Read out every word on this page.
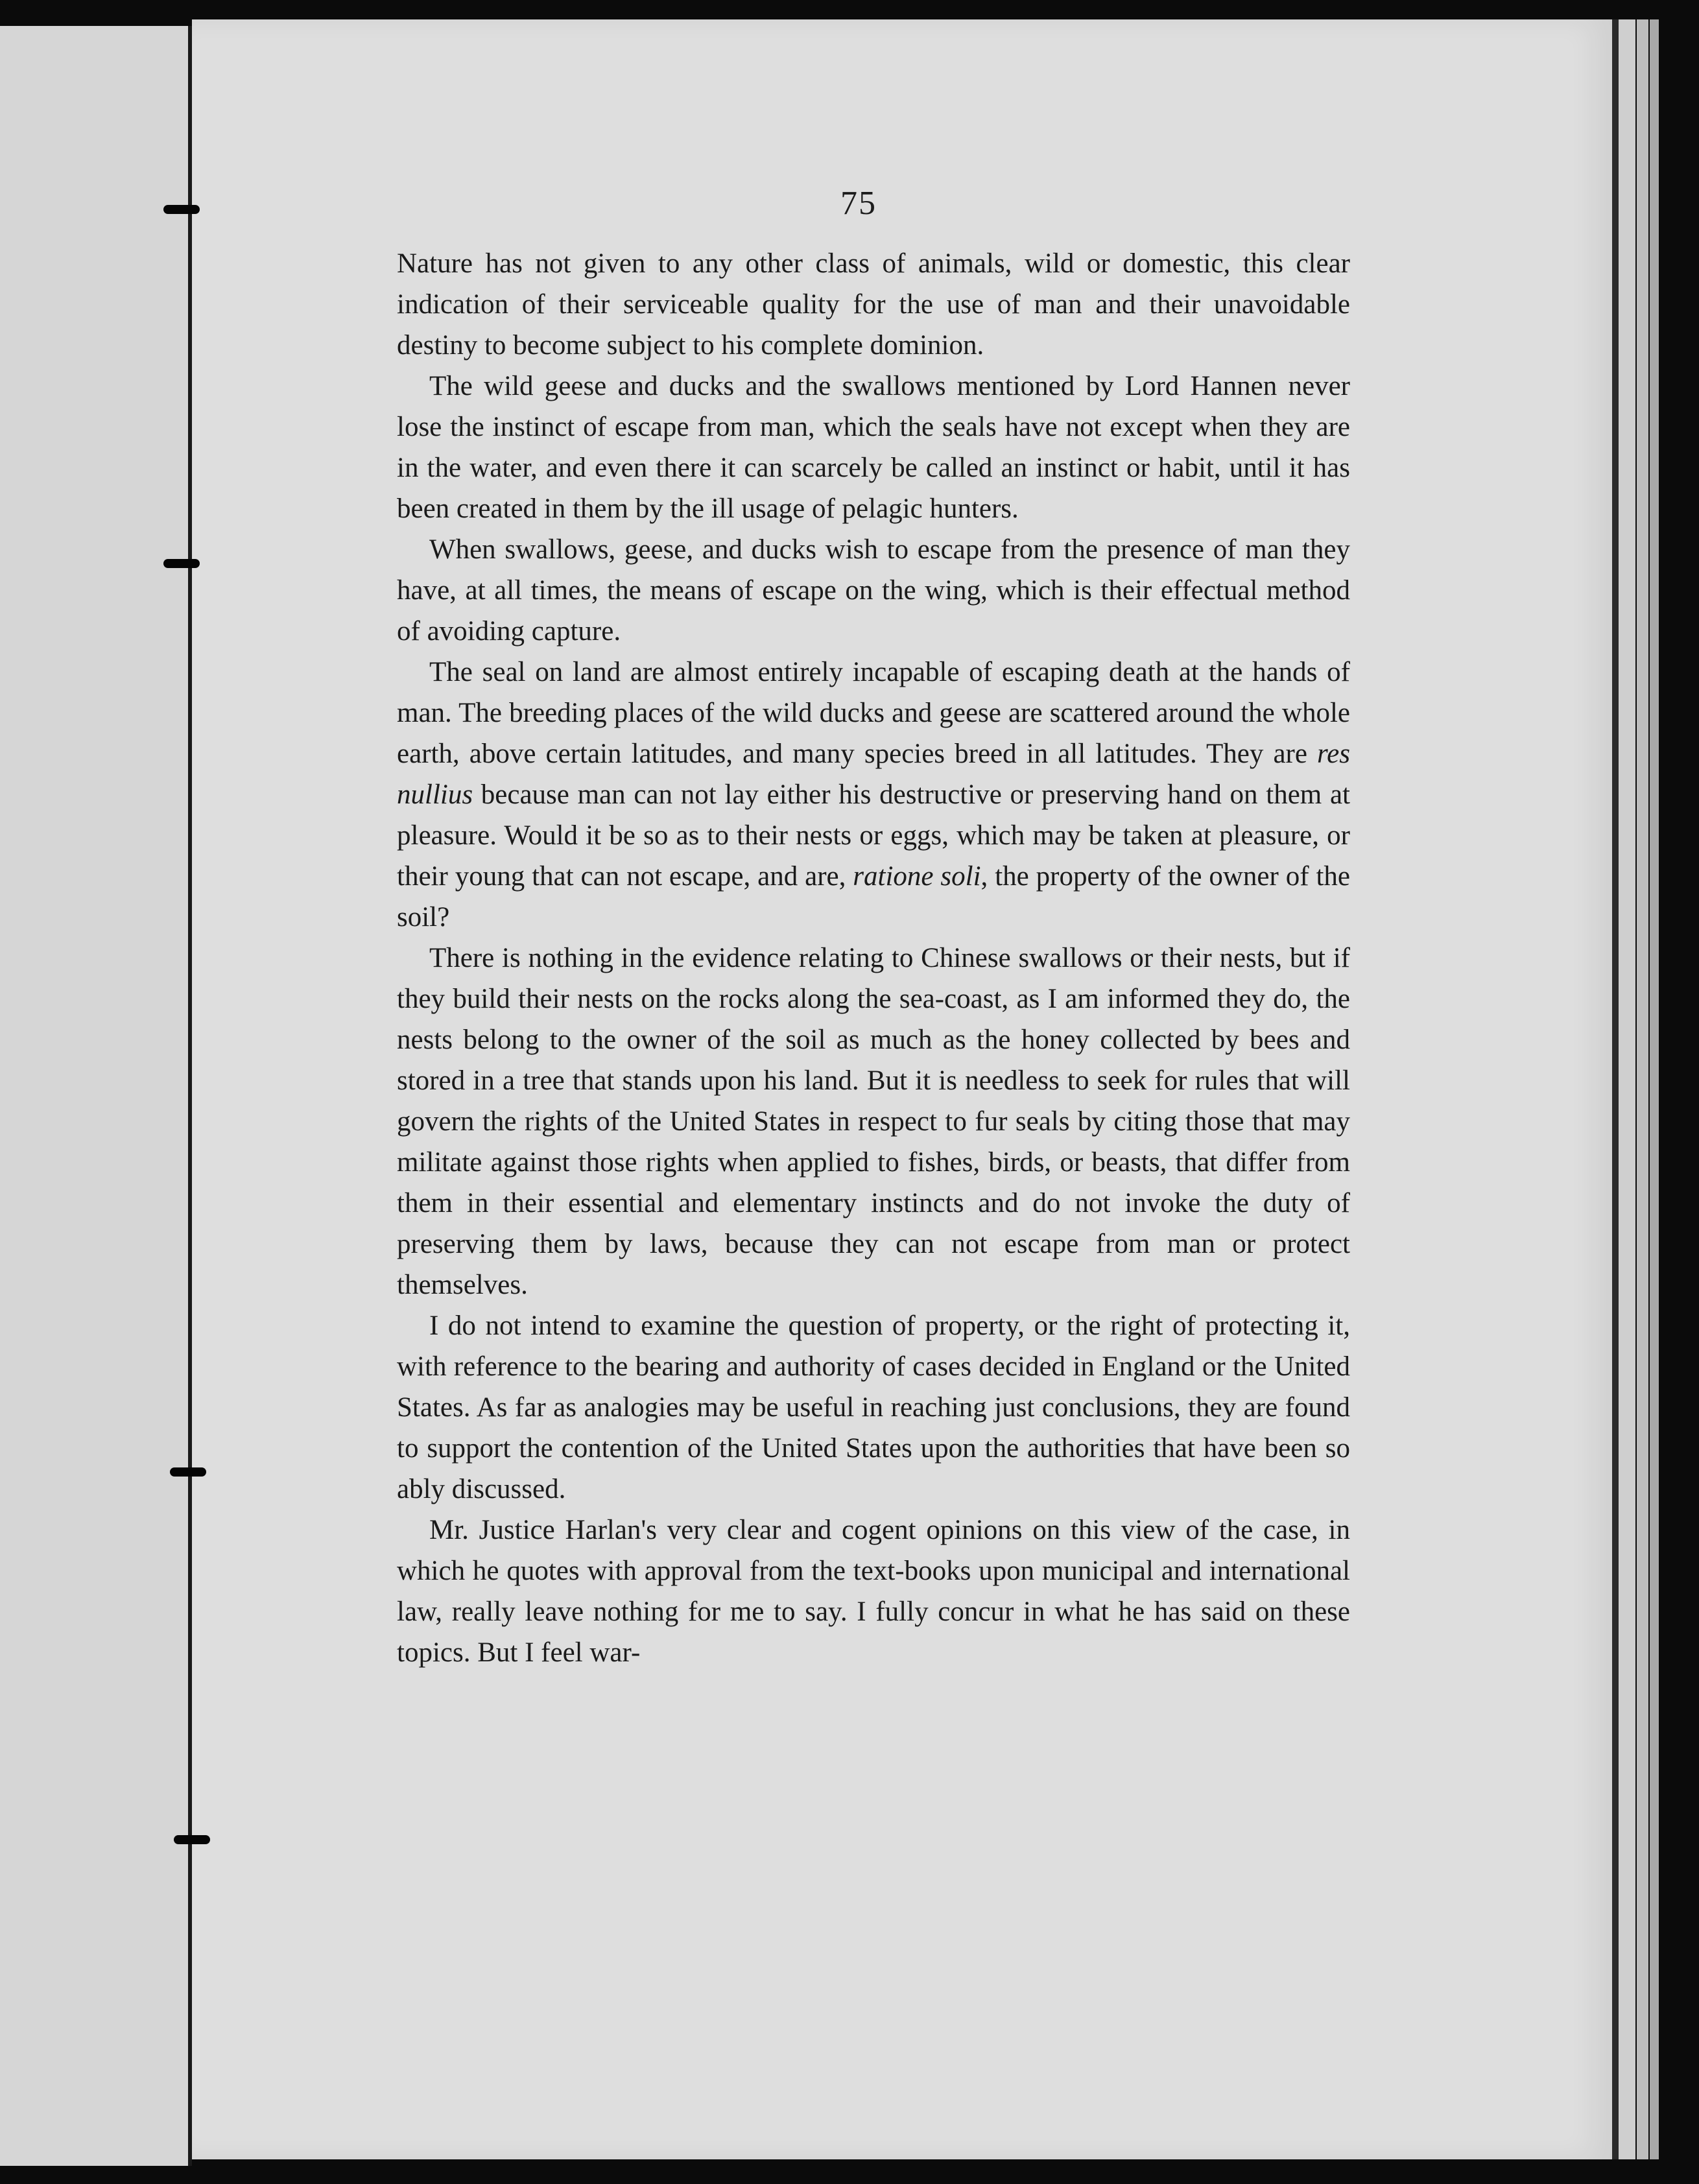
75

Nature has not given to any other class of animals, wild or domestic, this clear indication of their serviceable quality for the use of man and their unavoidable destiny to become subject to his complete dominion.

The wild geese and ducks and the swallows mentioned by Lord Hannen never lose the instinct of escape from man, which the seals have not except when they are in the water, and even there it can scarcely be called an instinct or habit, until it has been created in them by the ill usage of pelagic hunters.

When swallows, geese, and ducks wish to escape from the presence of man they have, at all times, the means of escape on the wing, which is their effectual method of avoiding capture.

The seal on land are almost entirely incapable of escaping death at the hands of man. The breeding places of the wild ducks and geese are scattered around the whole earth, above certain latitudes, and many species breed in all latitudes. They are res nullius because man can not lay either his destructive or preserving hand on them at pleasure. Would it be so as to their nests or eggs, which may be taken at pleasure, or their young that can not escape, and are, ratione soli, the property of the owner of the soil?

There is nothing in the evidence relating to Chinese swallows or their nests, but if they build their nests on the rocks along the sea-coast, as I am informed they do, the nests belong to the owner of the soil as much as the honey collected by bees and stored in a tree that stands upon his land. But it is needless to seek for rules that will govern the rights of the United States in respect to fur seals by citing those that may militate against those rights when applied to fishes, birds, or beasts, that differ from them in their essential and elementary instincts and do not invoke the duty of preserving them by laws, because they can not escape from man or protect themselves.

I do not intend to examine the question of property, or the right of protecting it, with reference to the bearing and authority of cases decided in England or the United States. As far as analogies may be useful in reaching just conclusions, they are found to support the contention of the United States upon the authorities that have been so ably discussed.

Mr. Justice Harlan's very clear and cogent opinions on this view of the case, in which he quotes with approval from the text-books upon municipal and international law, really leave nothing for me to say. I fully concur in what he has said on these topics. But I feel war-
